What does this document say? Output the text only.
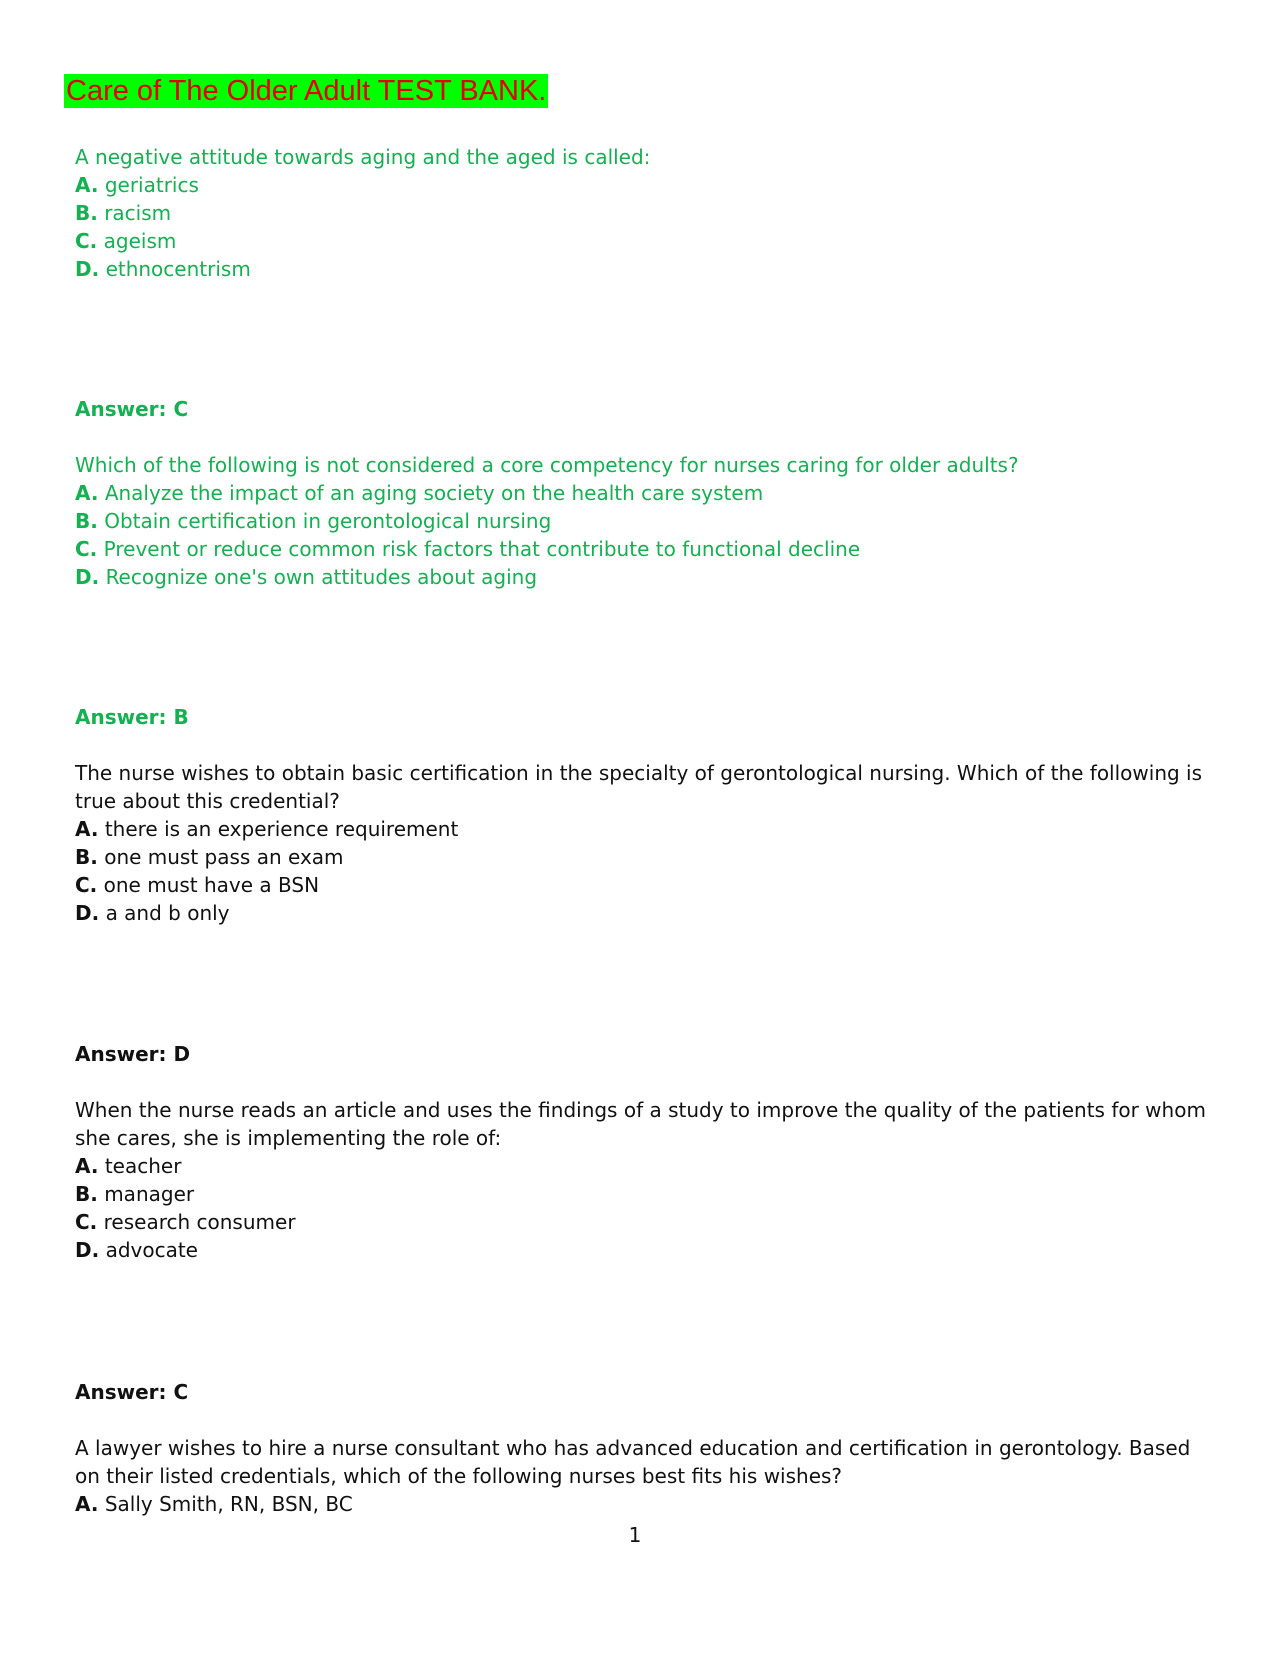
Care of The Older Adult TEST BANK.

A negative attitude towards aging and the aged is called:

A. geriatrics

B. racism

C. ageism

D. ethnocentrism

Answer: C

Which of the following is not considered a core competency for nurses caring for older adults?

A. Analyze the impact of an aging society on the health care system

B. Obtain certification in gerontological nursing

C. Prevent or reduce common risk factors that contribute to functional decline

D. Recognize one's own attitudes about aging

Answer: B

The nurse wishes to obtain basic certification in the specialty of gerontological nursing. Which of the following is true about this credential?

A. there is an experience requirement

B. one must pass an exam

C. one must have a BSN

D. a and b only

Answer: D

When the nurse reads an article and uses the findings of a study to improve the quality of the patients for whom she cares, she is implementing the role of:

A. teacher

B. manager

C. research consumer

D. advocate

Answer: C

A lawyer wishes to hire a nurse consultant who has advanced education and certification in gerontology. Based on their listed credentials, which of the following nurses best fits his wishes?

A. Sally Smith, RN, BSN, BC

1
